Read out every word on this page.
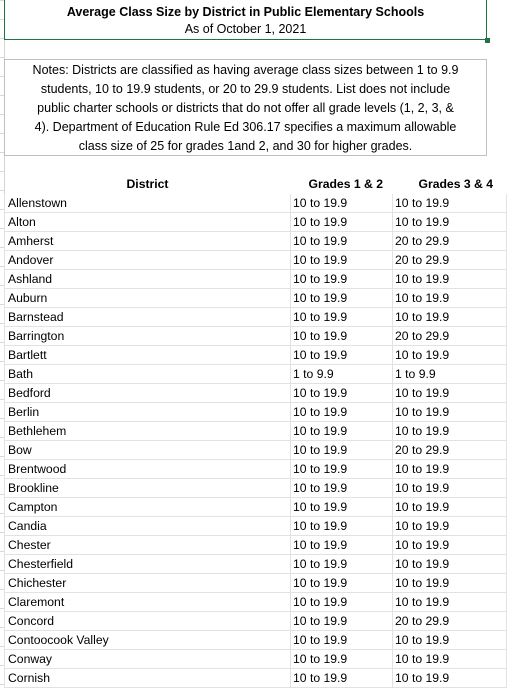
Average Class Size by District in Public Elementary Schools
As of October 1, 2021
Notes: Districts are classified as having average class sizes between 1 to 9.9
students, 10 to 19.9 students, or 20 to 29.9 students. List does not include
public charter schools or districts that do not offer all grade levels (1, 2, 3, &
4). Department of Education Rule Ed 306.17 specifies a maximum allowable
class size of 25 for grades 1and 2, and 30 for higher grades.
District	Grades 1 & 2	Grades 3 & 4
Allenstown	10 to 19.9	10 to 19.9
Alton	10 to 19.9	10 to 19.9
Amherst	10 to 19.9	20 to 29.9
Andover	10 to 19.9	20 to 29.9
Ashland	10 to 19.9	10 to 19.9
Auburn	10 to 19.9	10 to 19.9
Barnstead	10 to 19.9	10 to 19.9
Barrington	10 to 19.9	20 to 29.9
Bartlett	10 to 19.9	10 to 19.9
Bath	1 to 9.9	1 to 9.9
Bedford	10 to 19.9	10 to 19.9
Berlin	10 to 19.9	10 to 19.9
Bethlehem	10 to 19.9	10 to 19.9
Bow	10 to 19.9	20 to 29.9
Brentwood	10 to 19.9	10 to 19.9
Brookline	10 to 19.9	10 to 19.9
Campton	10 to 19.9	10 to 19.9
Candia	10 to 19.9	10 to 19.9
Chester	10 to 19.9	10 to 19.9
Chesterfield	10 to 19.9	10 to 19.9
Chichester	10 to 19.9	10 to 19.9
Claremont	10 to 19.9	10 to 19.9
Concord	10 to 19.9	20 to 29.9
Contoocook Valley	10 to 19.9	10 to 19.9
Conway	10 to 19.9	10 to 19.9
Cornish	10 to 19.9	10 to 19.9
